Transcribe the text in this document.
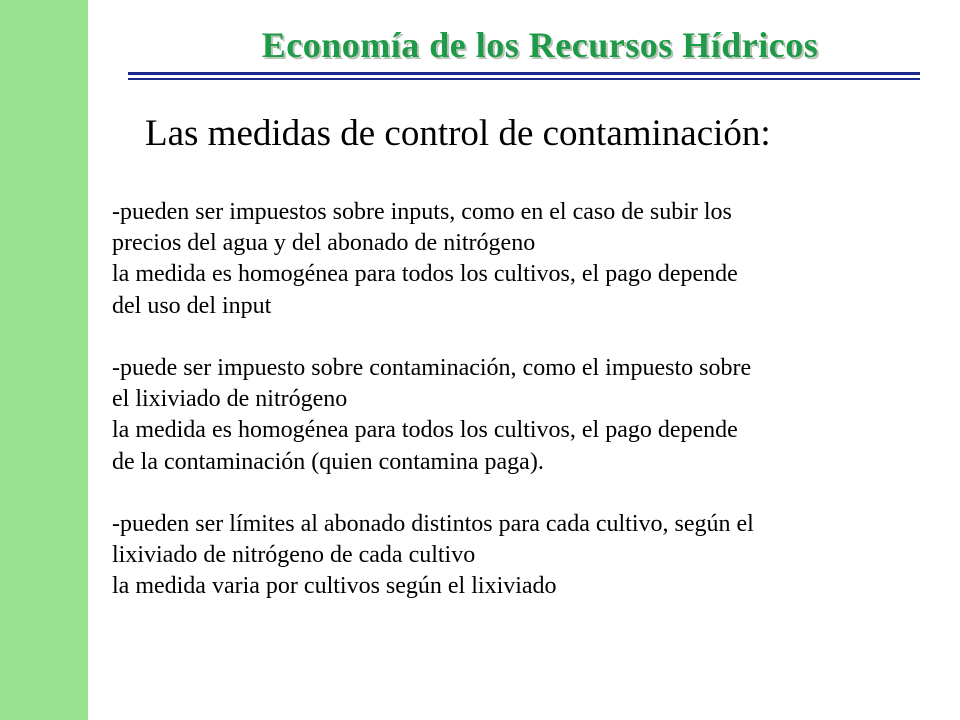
Economía de los Recursos Hídricos
Las medidas de control de contaminación:
-pueden ser impuestos sobre inputs, como en el caso de subir los
precios del agua y del abonado de nitrógeno
la medida es homogénea para todos los cultivos, el pago depende
del uso del input
-puede ser impuesto sobre contaminación, como el impuesto sobre
el lixiviado de nitrógeno
la medida es homogénea para todos los cultivos, el pago depende
de la contaminación (quien contamina paga).
-pueden ser límites al abonado distintos para cada cultivo, según el
lixiviado de nitrógeno de cada cultivo
la medida varia por cultivos según el lixiviado
